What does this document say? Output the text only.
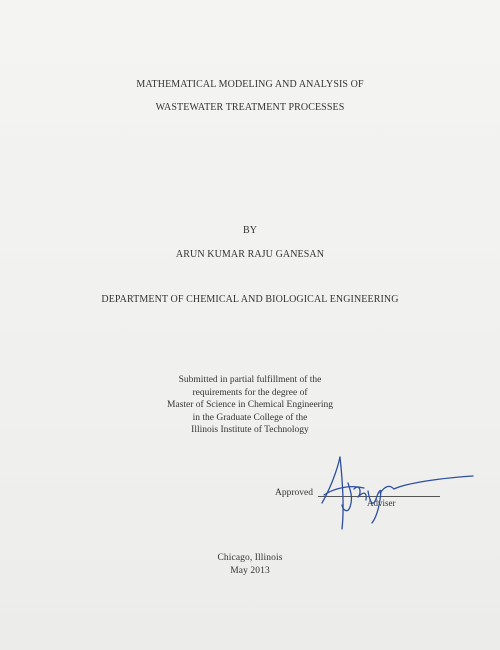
MATHEMATICAL MODELING AND ANALYSIS OF
WASTEWATER TREATMENT PROCESSES
BY
ARUN KUMAR RAJU GANESAN
DEPARTMENT OF CHEMICAL AND BIOLOGICAL ENGINEERING
Submitted in partial fulfillment of the
requirements for the degree of
Master of Science in Chemical Engineering
in the Graduate College of the
Illinois Institute of Technology
Approved
Adviser
Chicago, Illinois
May 2013
